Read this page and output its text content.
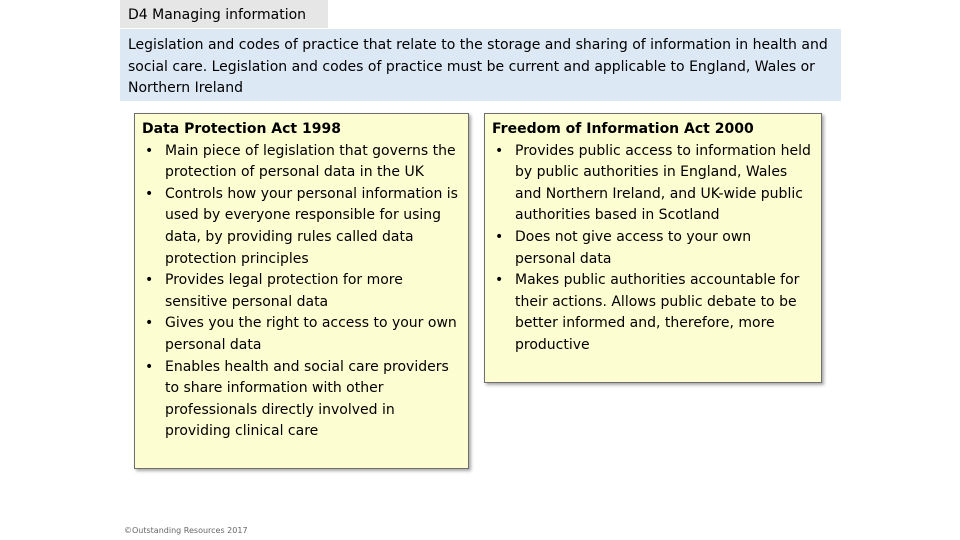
D4 Managing information
Legislation and codes of practice that relate to the storage and sharing of information in health and social care. Legislation and codes of practice must be current and applicable to England, Wales or Northern Ireland
Data Protection Act 1998
• Main piece of legislation that governs the protection of personal data in the UK
• Controls how your personal information is used by everyone responsible for using data, by providing rules called data protection principles
• Provides legal protection for more sensitive personal data
• Gives you the right to access to your own personal data
• Enables health and social care providers to share information with other professionals directly involved in providing clinical care
Freedom of Information Act 2000
• Provides public access to information held by public authorities in England, Wales and Northern Ireland, and UK-wide public authorities based in Scotland
• Does not give access to your own personal data
• Makes public authorities accountable for their actions. Allows public debate to be better informed and, therefore, more productive
©Outstanding Resources 2017
